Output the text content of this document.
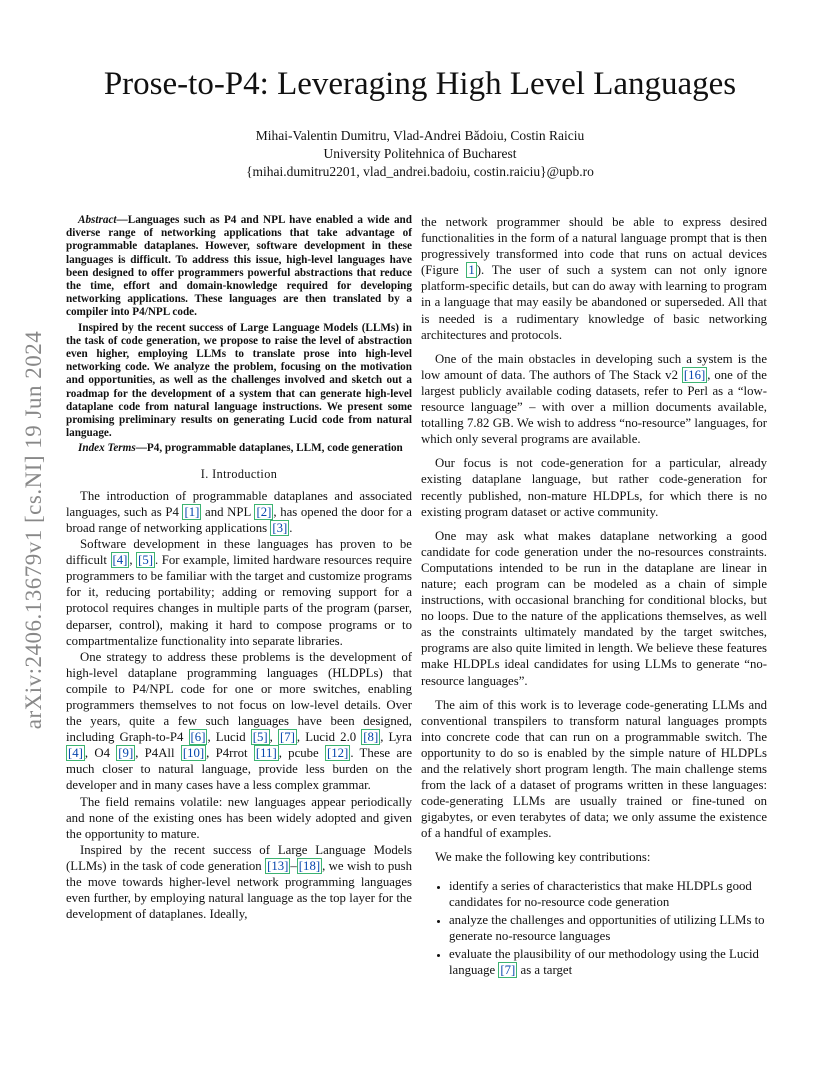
arXiv:2406.13679v1 [cs.NI] 19 Jun 2024
Prose-to-P4: Leveraging High Level Languages
Mihai-Valentin Dumitru, Vlad-Andrei Bădoiu, Costin Raiciu
University Politehnica of Bucharest
{mihai.dumitru2201, vlad_andrei.badoiu, costin.raiciu}@upb.ro

Abstract—Languages such as P4 and NPL have enabled a wide and diverse range of networking applications that take advantage of programmable dataplanes. However, software development in these languages is difficult. To address this issue, high-level languages have been designed to offer programmers powerful abstractions that reduce the time, effort and domain-knowledge required for developing networking applications. These languages are then translated by a compiler into P4/NPL code.

Inspired by the recent success of Large Language Models (LLMs) in the task of code generation, we propose to raise the level of abstraction even higher, employing LLMs to translate prose into high-level networking code. We analyze the problem, focusing on the motivation and opportunities, as well as the challenges involved and sketch out a roadmap for the development of a system that can generate high-level dataplane code from natural language instructions. We present some promising preliminary results on generating Lucid code from natural language.

Index Terms—P4, programmable dataplanes, LLM, code generation

I. Introduction

The introduction of programmable dataplanes and associated languages, such as P4 [1] and NPL [2] , has opened the door for a broad range of networking applications [3] .

Software development in these languages has proven to be difficult [4] , [5] . For example, limited hardware resources require programmers to be familiar with the target and customize programs for it, reducing portability; adding or removing support for a protocol requires changes in multiple parts of the program (parser, deparser, control), making it hard to compose programs or to compartmentalize functionality into separate libraries.

One strategy to address these problems is the development of high-level dataplane programming languages (HLDPLs) that compile to P4/NPL code for one or more switches, enabling programmers themselves to not focus on low-level details. Over the years, quite a few such languages have been designed, including Graph-to-P4 [6] , Lucid [5] , [7] , Lucid 2.0 [8] , Lyra [4] , O4 [9] , P4All [10] , P4rrot [11] , pcube [12] . These are much closer to natural language, provide less burden on the developer and in many cases have a less complex grammar.

The field remains volatile: new languages appear periodically and none of the existing ones has been widely adopted and given the opportunity to mature.

Inspired by the recent success of Large Language Models (LLMs) in the task of code generation [13] – [18] , we wish to push the move towards higher-level network programming languages even further, by employing natural language as the top layer for the development of dataplanes. Ideally,

the network programmer should be able to express desired functionalities in the form of a natural language prompt that is then progressively transformed into code that runs on actual devices (Figure 1 ). The user of such a system can not only ignore platform-specific details, but can do away with learning to program in a language that may easily be abandoned or superseded. All that is needed is a rudimentary knowledge of basic networking architectures and protocols.

One of the main obstacles in developing such a system is the low amount of data. The authors of The Stack v2 [16] , one of the largest publicly available coding datasets, refer to Perl as a “low-resource language” – with over a million documents available, totalling 7.82 GB. We wish to address “no-resource” languages, for which only several programs are available.

Our focus is not code-generation for a particular, already existing dataplane language, but rather code-generation for recently published, non-mature HLDPLs, for which there is no existing program dataset or active community.

One may ask what makes dataplane networking a good candidate for code generation under the no-resources constraints. Computations intended to be run in the dataplane are linear in nature; each program can be modeled as a chain of simple instructions, with occasional branching for conditional blocks, but no loops. Due to the nature of the applications themselves, as well as the constraints ultimately mandated by the target switches, programs are also quite limited in length. We believe these features make HLDPLs ideal candidates for using LLMs to generate “no-resource languages”.

The aim of this work is to leverage code-generating LLMs and conventional transpilers to transform natural languages prompts into concrete code that can run on a programmable switch. The opportunity to do so is enabled by the simple nature of HLDPLs and the relatively short program length. The main challenge stems from the lack of a dataset of programs written in these languages: code-generating LLMs are usually trained or fine-tuned on gigabytes, or even terabytes of data; we only assume the existence of a handful of examples.

We make the following key contributions:

• identify a series of characteristics that make HLDPLs good candidates for no-resource code generation
• analyze the challenges and opportunities of utilizing LLMs to generate no-resource languages
• evaluate the plausibility of our methodology using the Lucid language [7] as a target
